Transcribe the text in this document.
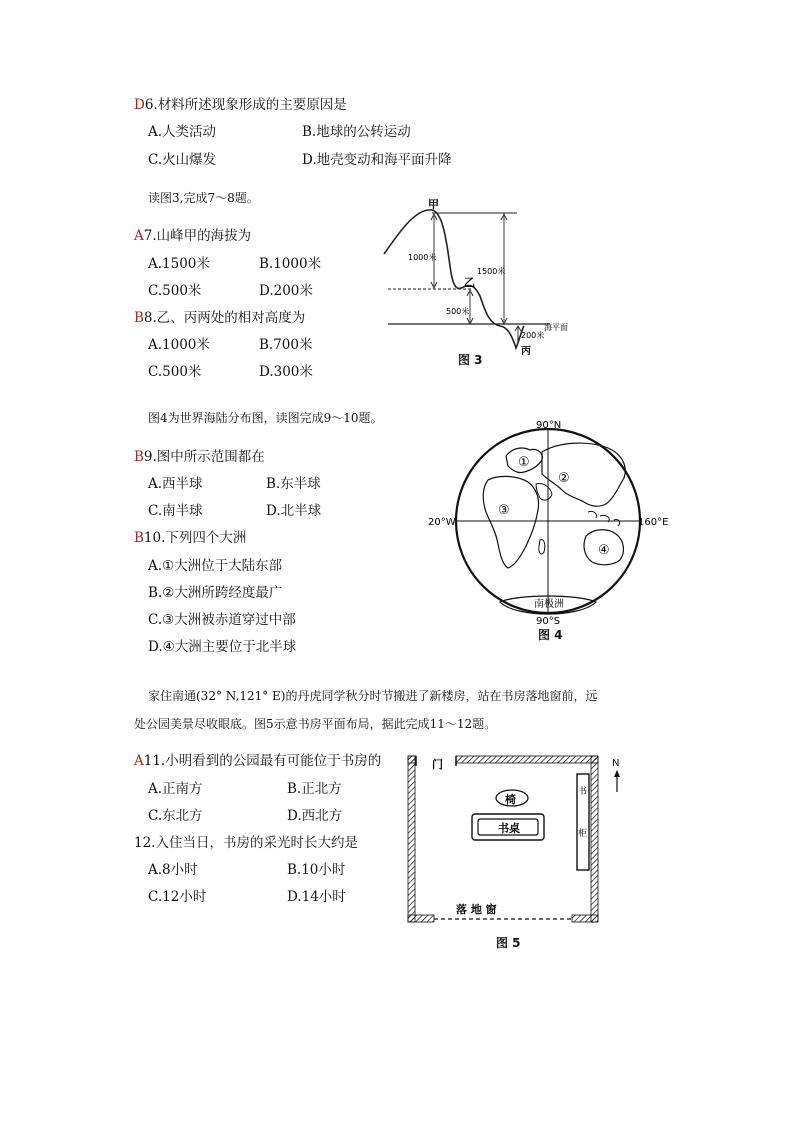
D6.材料所述现象形成的主要原因是
A.人类活动	B.地球的公转运动
C.火山爆发	D.地壳变动和海平面升降
读图3,完成7～8题。
A7.山峰甲的海拔为
A.1500米	B.1000米
C.500米	D.200米
B8.乙、丙两处的相对高度为
A.1000米	B.700米
C.500米	D.300米
甲
乙
丙
1000米
1500米
500米
200米
海平面
图 3
图4为世界海陆分布图，读图完成9～10题。
B9.图中所示范围都在
A.西半球	B.东半球
C.南半球	D.北半球
B10.下列四个大洲
A.①大洲位于大陆东部
B.②大洲所跨经度最广
C.③大洲被赤道穿过中部
D.④大洲主要位于北半球
90°N
90°S
20°W	160°E
南极洲
①
②
③
④
图 4
家住南通(32° N,121° E)的丹虎同学秋分时节搬进了新楼房，站在书房落地窗前，远
处公园美景尽收眼底。图5示意书房平面布局，据此完成11～12题。
A11.小明看到的公园最有可能位于书房的
A.正南方	B.正北方
C.东北方	D.西北方
12.入住当日，书房的采光时长大约是
A.8小时	B.10小时
C.12小时	D.14小时
门
椅
书桌
书
柜
落 地 窗
N
图 5
